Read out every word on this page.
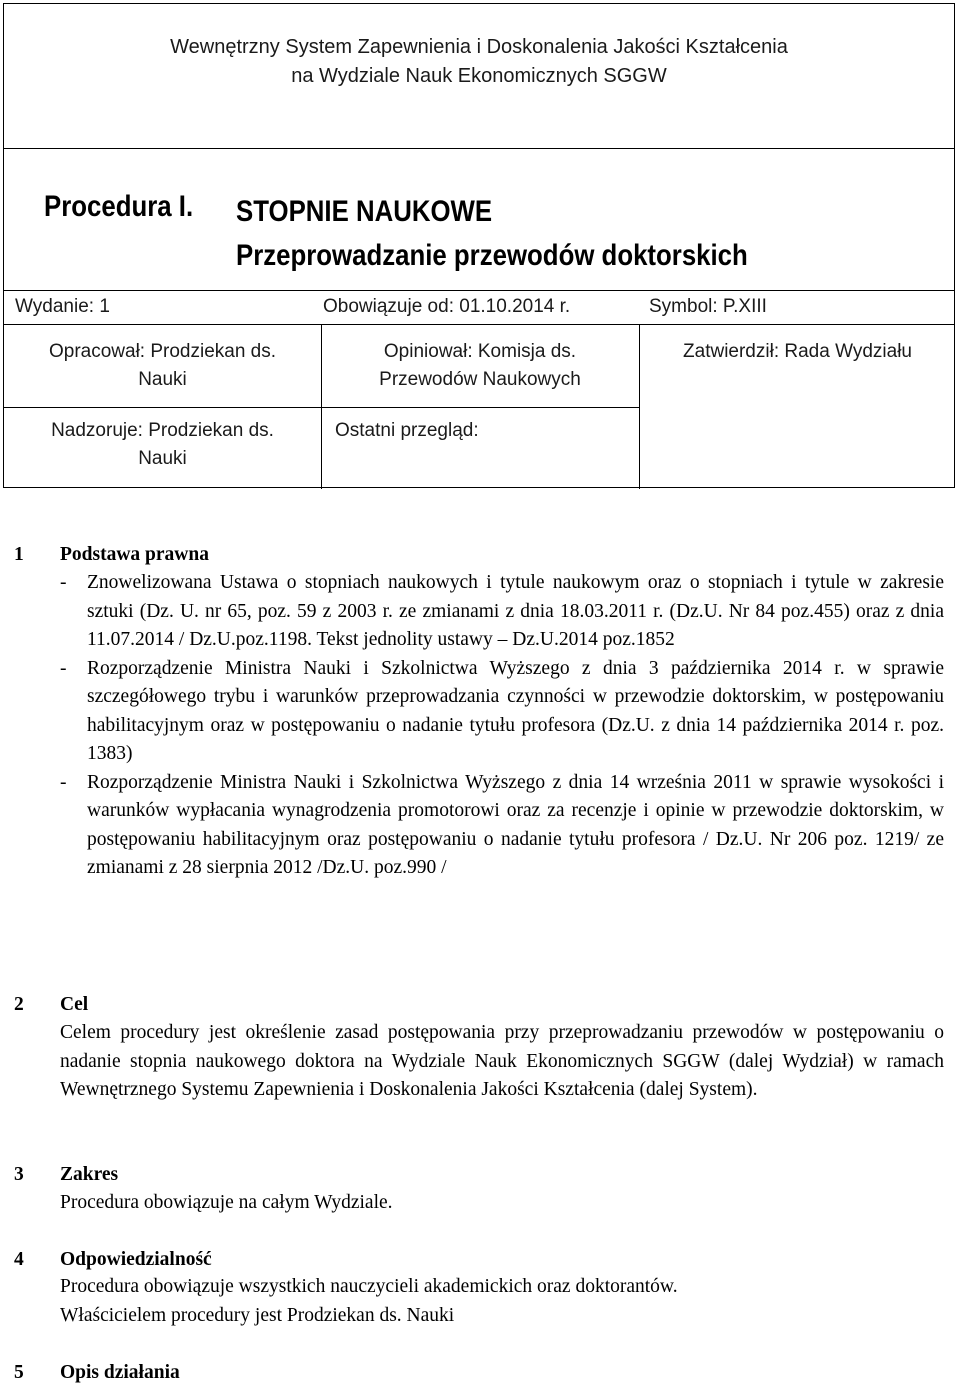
Wewnętrzny System Zapewnienia i Doskonalenia Jakości Kształcenia
na Wydziale Nauk Ekonomicznych SGGW
Procedura I. STOPNIE NAUKOWE
Przeprowadzanie przewodów doktorskich
Wydanie: 1	Obowiązuje od: 01.10.2014 r.	Symbol: P.XIII
Opracował: Prodziekan ds.
Nauki
Opiniował: Komisja ds.
Przewodów Naukowych
Zatwierdził: Rada Wydziału
Nadzoruje: Prodziekan ds.
Nauki
Ostatni przegląd:
1 Podstawa prawna
- Znowelizowana Ustawa o stopniach naukowych i tytule naukowym oraz o stopniach i tytule w zakresie sztuki (Dz. U. nr 65, poz. 59 z 2003 r. ze zmianami z dnia 18.03.2011 r. (Dz.U. Nr 84 poz.455) oraz z dnia 11.07.2014 / Dz.U.poz.1198. Tekst jednolity ustawy – Dz.U.2014 poz.1852
- Rozporządzenie Ministra Nauki i Szkolnictwa Wyższego z dnia 3 października 2014 r. w sprawie szczegółowego trybu i warunków przeprowadzania czynności w przewodzie doktorskim, w postępowaniu habilitacyjnym oraz w postępowaniu o nadanie tytułu profesora (Dz.U. z dnia 14 października 2014 r. poz. 1383)
- Rozporządzenie Ministra Nauki i Szkolnictwa Wyższego z dnia 14 września 2011 w sprawie wysokości i warunków wypłacania wynagrodzenia promotorowi oraz za recenzje i opinie w przewodzie doktorskim, w postępowaniu habilitacyjnym oraz postępowaniu o nadanie tytułu profesora / Dz.U. Nr 206 poz. 1219/ ze zmianami z 28 sierpnia 2012 /Dz.U. poz.990 /
2 Cel
Celem procedury jest określenie zasad postępowania przy przeprowadzaniu przewodów w postępowaniu o nadanie stopnia naukowego doktora na Wydziale Nauk Ekonomicznych SGGW (dalej Wydział) w ramach Wewnętrznego Systemu Zapewnienia i Doskonalenia Jakości Kształcenia (dalej System).
3 Zakres
Procedura obowiązuje na całym Wydziale.
4 Odpowiedzialność
Procedura obowiązuje wszystkich nauczycieli akademickich oraz doktorantów.
Właścicielem procedury jest Prodziekan ds. Nauki
5 Opis działania
